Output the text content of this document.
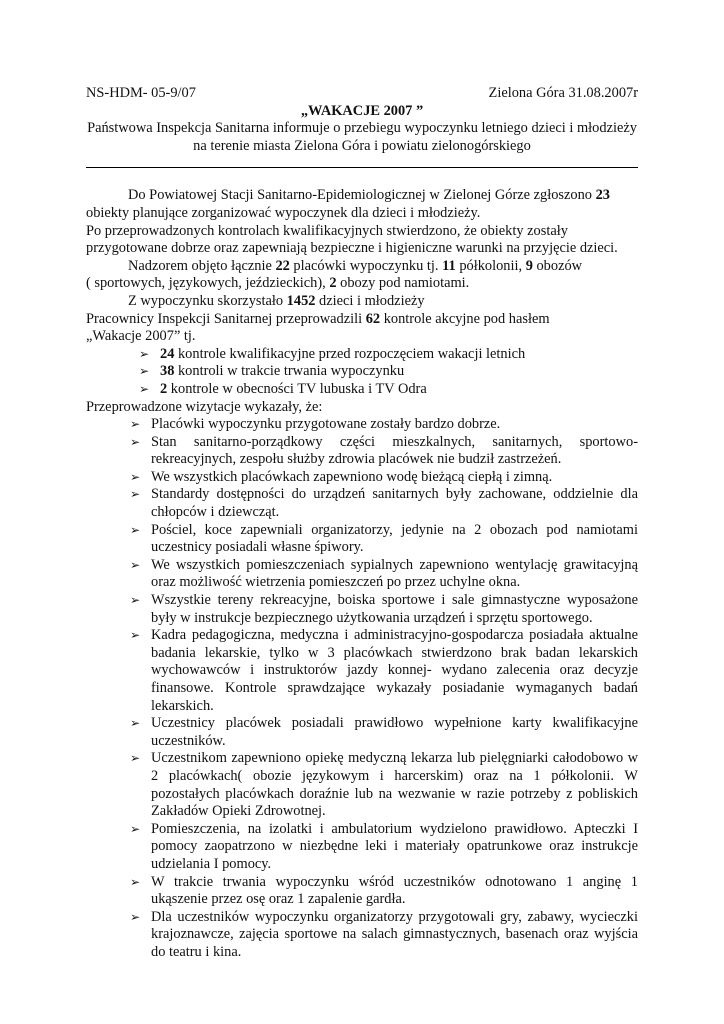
NS-HDM- 05-9/07	Zielona Góra 31.08.2007r
„WAKACJE 2007 ”
Państwowa Inspekcja Sanitarna informuje o przebiegu wypoczynku letniego dzieci i młodzieży na terenie miasta Zielona Góra i powiatu zielonogórskiego

Do Powiatowej Stacji Sanitarno-Epidemiologicznej w Zielonej Górze zgłoszono 23

obiekty planujące zorganizować wypoczynek dla dzieci i młodzieży.

Po przeprowadzonych kontrolach kwalifikacyjnych stwierdzono, że obiekty zostały przygotowane dobrze oraz zapewniają bezpieczne i higieniczne warunki na przyjęcie dzieci.

Nadzorem objęto łącznie 22 placówki wypoczynku tj. 11 półkolonii, 9 obozów

( sportowych, językowych, jeździeckich), 2 obozy pod namiotami.

Z wypoczynku skorzystało 1452 dzieci i młodzieży

Pracownicy Inspekcji Sanitarnej przeprowadzili 62 kontrole akcyjne pod hasłem

„Wakacje 2007” tj.

➢ 24 kontrole kwalifikacyjne przed rozpoczęciem wakacji letnich
➢ 38 kontroli w trakcie trwania wypoczynku
➢ 2 kontrole w obecności TV lubuska i TV Odra

Przeprowadzone wizytacje wykazały, że:

➢ Placówki wypoczynku przygotowane zostały bardzo dobrze.
➢ Stan sanitarno-porządkowy części mieszkalnych, sanitarnych, sportowo-rekreacyjnych, zespołu służby zdrowia placówek nie budził zastrzeżeń.
➢ We wszystkich placówkach zapewniono wodę bieżącą ciepłą i zimną.
➢ Standardy dostępności do urządzeń sanitarnych były zachowane, oddzielnie dla chłopców i dziewcząt.
➢ Pościel, koce zapewniali organizatorzy, jedynie na 2 obozach pod namiotami uczestnicy posiadali własne śpiwory.
➢ We wszystkich pomieszczeniach sypialnych zapewniono wentylację grawitacyjną oraz możliwość wietrzenia pomieszczeń po przez uchylne okna.
➢ Wszystkie tereny rekreacyjne, boiska sportowe i sale gimnastyczne wyposażone były w instrukcje bezpiecznego użytkowania urządzeń i sprzętu sportowego.
➢ Kadra pedagogiczna, medyczna i administracyjno-gospodarcza posiadała aktualne badania lekarskie, tylko w 3 placówkach stwierdzono brak badan lekarskich wychowawców i instruktorów jazdy konnej- wydano zalecenia oraz decyzje finansowe. Kontrole sprawdzające wykazały posiadanie wymaganych badań lekarskich.
➢ Uczestnicy placówek posiadali prawidłowo wypełnione karty kwalifikacyjne uczestników.
➢ Uczestnikom zapewniono opiekę medyczną lekarza lub pielęgniarki całodobowo w 2 placówkach( obozie językowym i harcerskim) oraz na 1 półkolonii. W pozostałych placówkach doraźnie lub na wezwanie w razie potrzeby z pobliskich Zakładów Opieki Zdrowotnej.
➢ Pomieszczenia, na izolatki i ambulatorium wydzielono prawidłowo. Apteczki I pomocy zaopatrzono w niezbędne leki i materiały opatrunkowe oraz instrukcje udzielania I pomocy.
➢ W trakcie trwania wypoczynku wśród uczestników odnotowano 1 anginę 1 ukąszenie przez osę oraz 1 zapalenie gardła.
➢ Dla uczestników wypoczynku organizatorzy przygotowali gry, zabawy, wycieczki krajoznawcze, zajęcia sportowe na salach gimnastycznych, basenach oraz wyjścia do teatru i kina.
